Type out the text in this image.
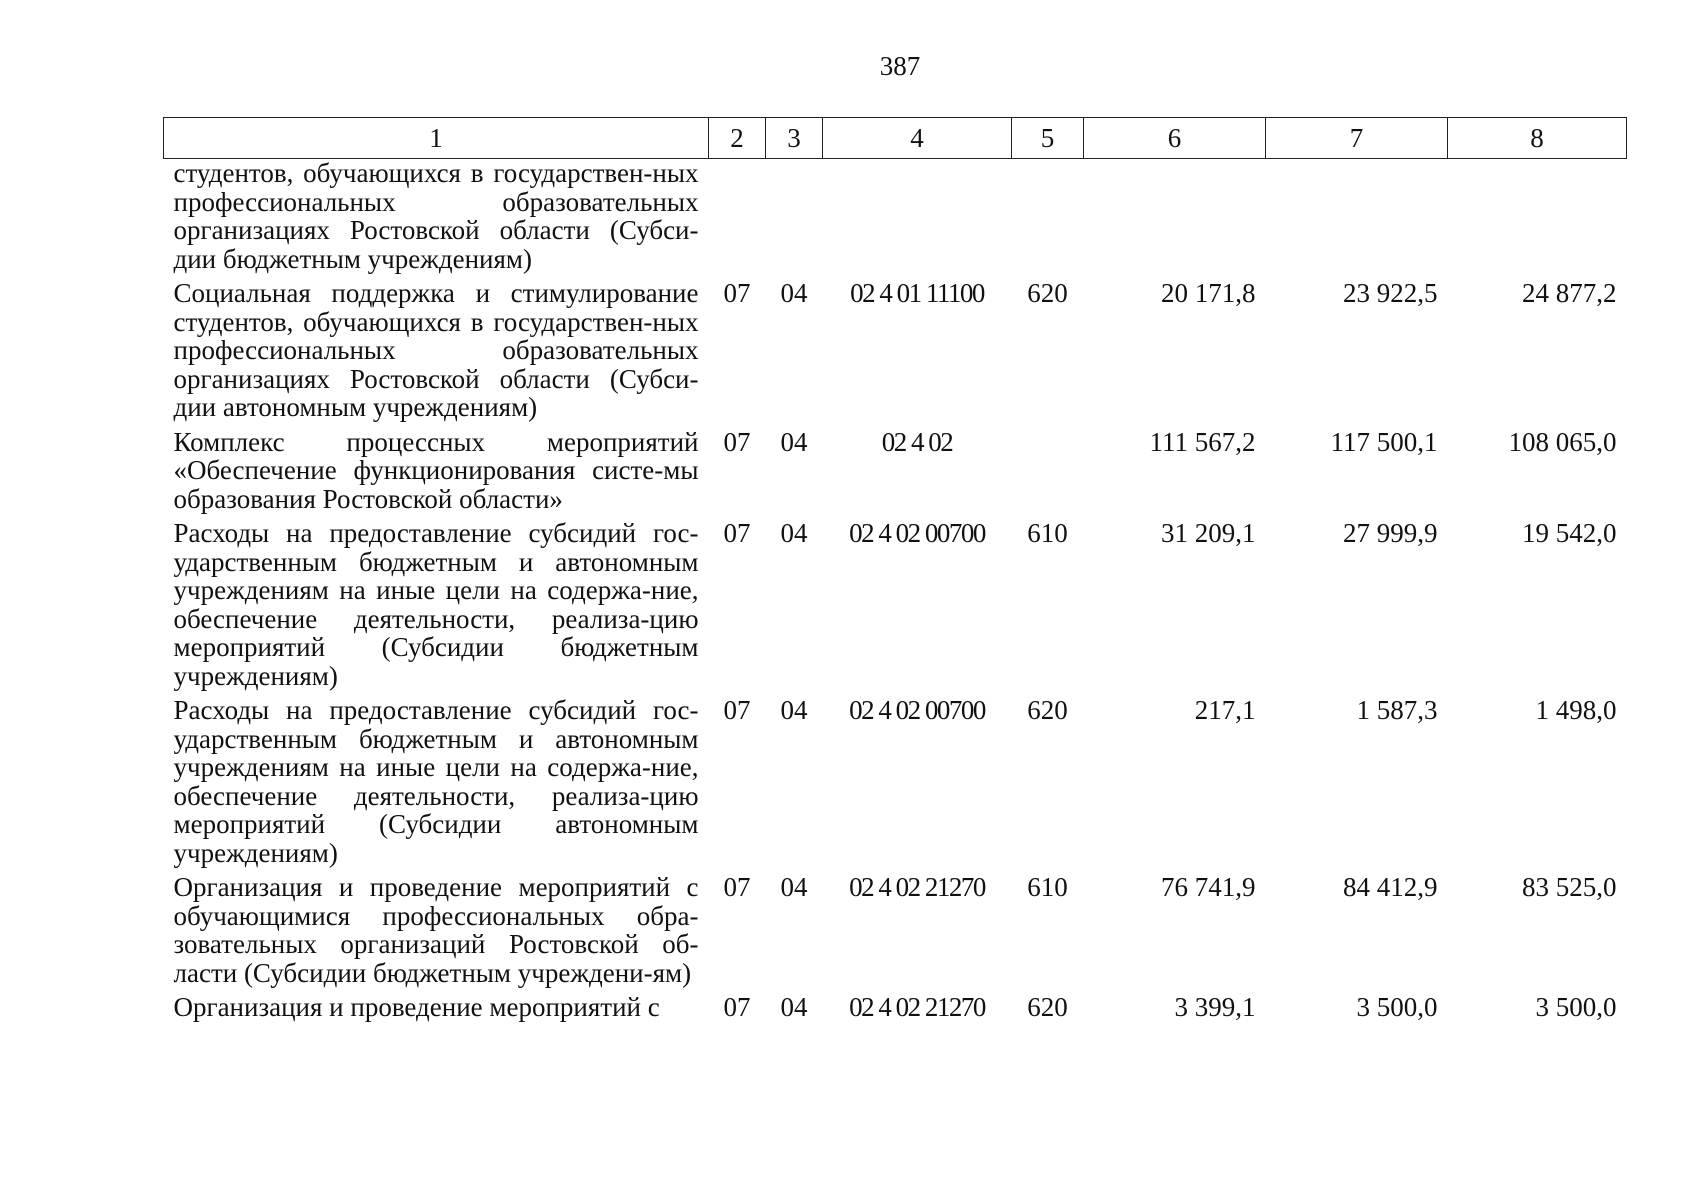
387
1	2	3	4	5	6	7	8
студентов, обучающихся в государствен-ных профессиональных образовательных организациях Ростовской области (Субси-дии бюджетным учреждениям)							
Социальная поддержка и стимулирование студентов, обучающихся в государствен-ных профессиональных образовательных организациях Ростовской области (Субси-дии автономным учреждениям)	07	04	02 4 01 11100	620	20 171,8	23 922,5	24 877,2
Комплекс процессных мероприятий «Обеспечение функционирования систе-мы образования Ростовской области»	07	04	02 4 02		111 567,2	117 500,1	108 065,0
Расходы на предоставление субсидий гос-ударственным бюджетным и автономным учреждениям на иные цели на содержа-ние, обеспечение деятельности, реализа-цию мероприятий (Субсидии бюджетным учреждениям)	07	04	02 4 02 00700	610	31 209,1	27 999,9	19 542,0
Расходы на предоставление субсидий гос-ударственным бюджетным и автономным учреждениям на иные цели на содержа-ние, обеспечение деятельности, реализа-цию мероприятий (Субсидии автономным учреждениям)	07	04	02 4 02 00700	620	217,1	1 587,3	1 498,0
Организация и проведение мероприятий с обучающимися профессиональных обра-зовательных организаций Ростовской об-ласти (Субсидии бюджетным учреждени-ям)	07	04	02 4 02 21270	610	76 741,9	84 412,9	83 525,0
Организация и проведение мероприятий с	07	04	02 4 02 21270	620	3 399,1	3 500,0	3 500,0
